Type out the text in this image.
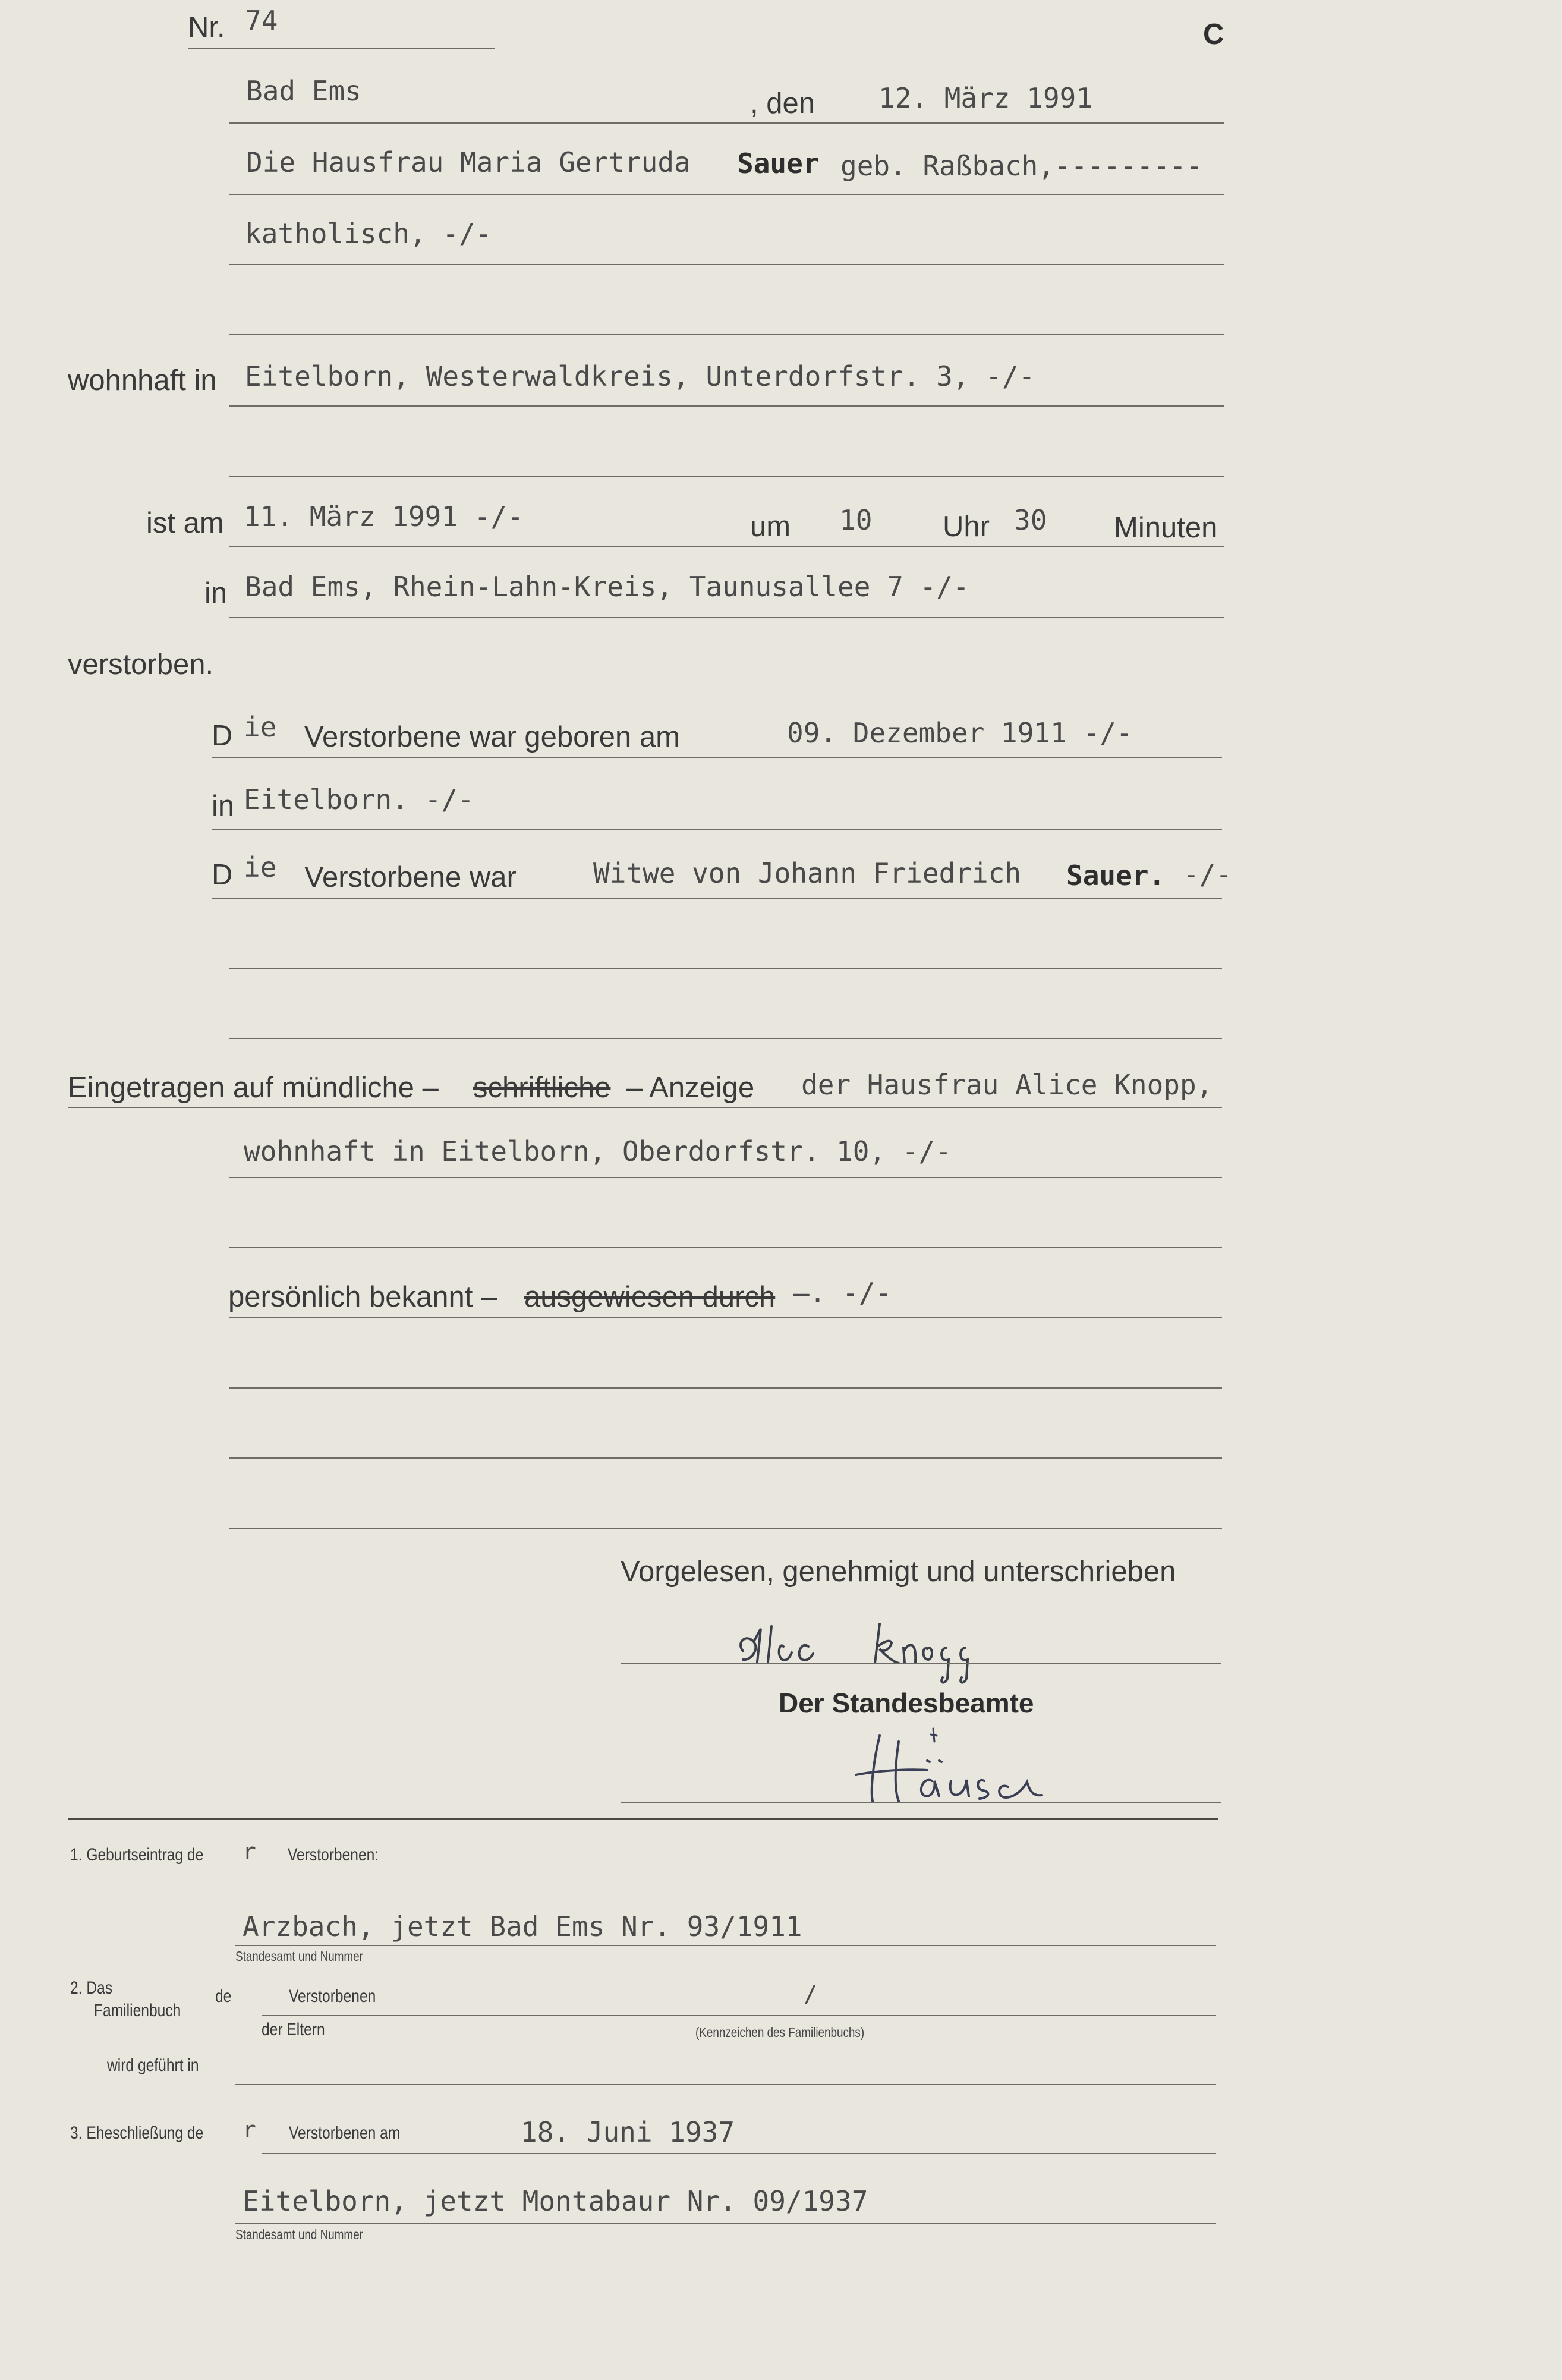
Nr. 74	C
Bad Ems	, den 12. März 1991
Die Hausfrau Maria Gertruda Sauer geb. Raßbach,---------
katholisch, -/-
wohnhaft in Eitelborn, Westerwaldkreis, Unterdorfstr. 3, -/-
ist am 11. März 1991 -/-	um 10 Uhr 30 Minuten
in Bad Ems, Rhein-Lahn-Kreis, Taunusallee 7 -/-
verstorben.
D ie Verstorbene war geboren am	09. Dezember 1911 -/-
in Eitelborn. -/-
D ie Verstorbene war	Witwe von Johann Friedrich Sauer. -/-
Eingetragen auf mündliche – schriftliche – Anzeige der Hausfrau Alice Knopp,
wohnhaft in Eitelborn, Oberdorfstr. 10, -/-
persönlich bekannt – ausgewiesen durch –. -/-
Vorgelesen, genehmigt und unterschrieben
Der Standesbeamte
1. Geburtseintrag de r Verstorbenen:
Arzbach, jetzt Bad Ems Nr. 93/1911
Standesamt und Nummer
2. Das
Familienbuch
de	Verstorbenen	/
der Eltern	(Kennzeichen des Familienbuchs)
wird geführt in
3. Eheschließung de r Verstorbenen am	18. Juni 1937
Eitelborn, jetzt Montabaur Nr. 09/1937
Standesamt und Nummer
